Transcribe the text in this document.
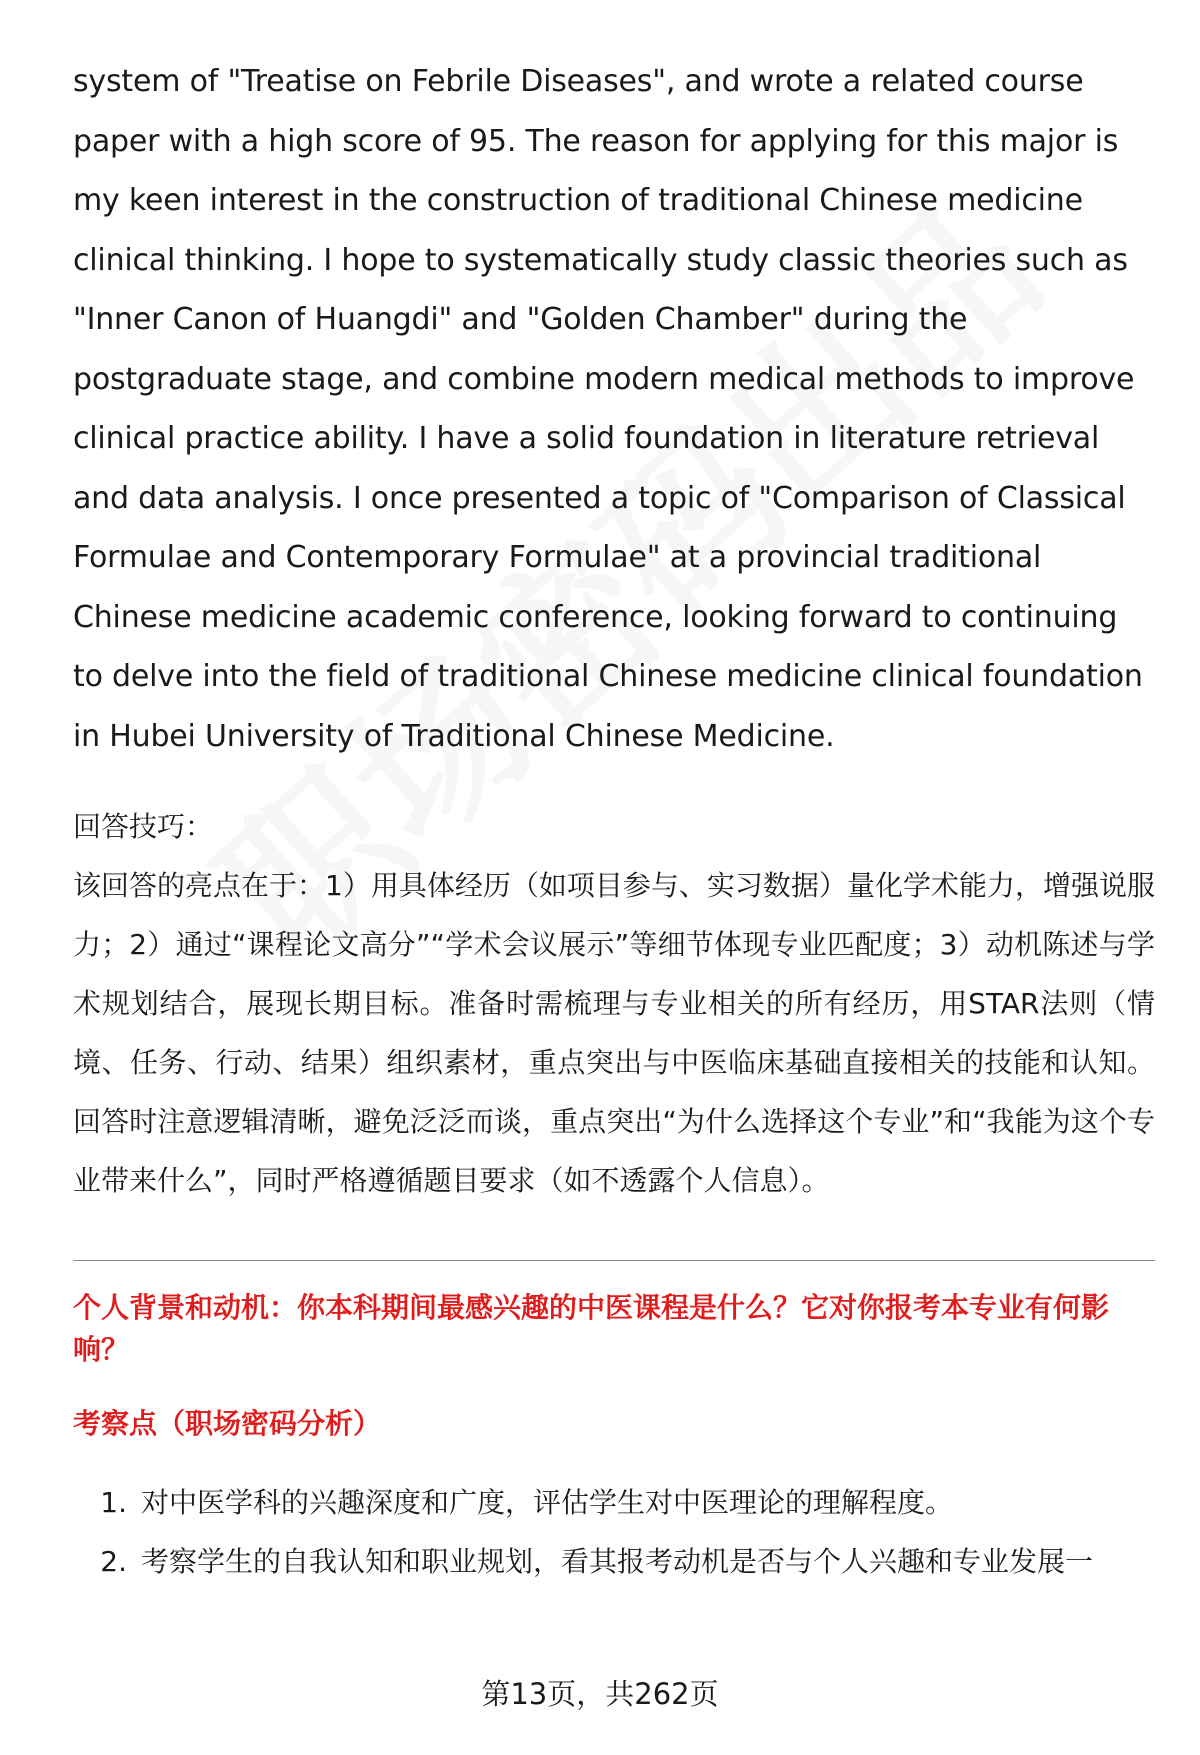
system of "Treatise on Febrile Diseases", and wrote a related course paper with a high score of 95. The reason for applying for this major is my keen interest in the construction of traditional Chinese medicine clinical thinking. I hope to systematically study classic theories such as "Inner Canon of Huangdi" and "Golden Chamber" during the postgraduate stage, and combine modern medical methods to improve clinical practice ability. I have a solid foundation in literature retrieval and data analysis. I once presented a topic of "Comparison of Classical Formulae and Contemporary Formulae" at a provincial traditional Chinese medicine academic conference, looking forward to continuing to delve into the field of traditional Chinese medicine clinical foundation in Hubei University of Traditional Chinese Medicine.

回答技巧：

该回答的亮点在于：1）用具体经历（如项目参与、实习数据）量化学术能力，增强说服力；2）通过“课程论文高分”“学术会议展示”等细节体现专业匹配度；3）动机陈述与学术规划结合，展现长期目标。准备时需梳理与专业相关的所有经历，用STAR法则（情境、任务、行动、结果）组织素材，重点突出与中医临床基础直接相关的技能和认知。回答时注意逻辑清晰，避免泛泛而谈，重点突出“为什么选择这个专业”和“我能为这个专业带来什么”，同时严格遵循题目要求（如不透露个人信息）。

个人背景和动机：你本科期间最感兴趣的中医课程是什么？它对你报考本专业有何影响？
考察点（职场密码分析）
1. 对中医学科的兴趣深度和广度，评估学生对中医理论的理解程度。
2. 考察学生的自我认知和职业规划，看其报考动机是否与个人兴趣和专业发展一
第13页，共262页
